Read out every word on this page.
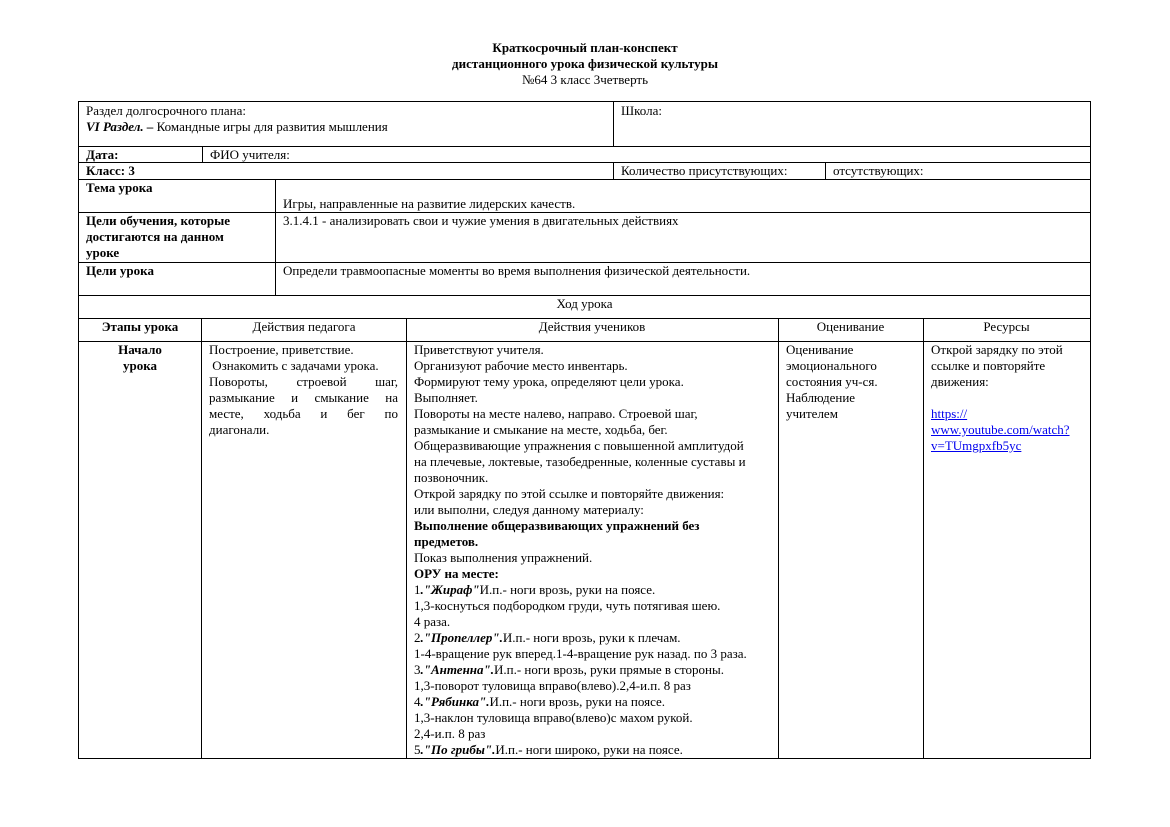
Краткосрочный план-конспект
дистанционного урока физической культуры
№64 3 класс 3четверть
Раздел долгосрочного плана:
VI Раздел. – Командные игры для развития мышления
Школа:
Дата:	ФИО учителя:
Класс: 3	Количество присутствующих:	отсутствующих:
Тема урока
Игры, направленные на развитие лидерских качеств.
Цели обучения, которые
достигаются на данном
уроке
3.1.4.1 - анализировать свои и чужие умения в двигательных действиях
Цели урока	Определи травмоопасные моменты во время выполнения физической деятельности.
Ход урока
Этапы урока	Действия педагога	Действия учеников	Оценивание	Ресурсы
Начало
урока
Построение, приветствие.
Ознакомить с задачами урока.
Повороты, строевой шаг,
размыкание и смыкание на
месте, ходьба и бег по
диагонали.
Приветствуют учителя.
Организуют рабочие место инвентарь.
Формируют тему урока, определяют цели урока.
Выполняет.
Повороты на месте налево, направо. Строевой шаг,
размыкание и смыкание на месте, ходьба, бег.
Общеразвивающие упражнения с повышенной амплитудой
на плечевые, локтевые, тазобедренные, коленные суставы и
позвоночник.
Открой зарядку по этой ссылке и повторяйте движения:
или выполни, следуя данному материалу:
Выполнение общеразвивающих упражнений без
предметов.
Показ выполнения упражнений.
ОРУ на месте:
1."Жираф"И.п.- ноги врозь, руки на поясе.
1,3-коснуться подбородком груди, чуть потягивая шею.
4 раза.
2."Пропеллер".И.п.- ноги врозь, руки к плечам.
1-4-вращение рук вперед.1-4-вращение рук назад. по 3 раза.
3."Антенна".И.п.- ноги врозь, руки прямые в стороны.
1,3-поворот туловища вправо(влево).2,4-и.п. 8 раз
4."Рябинка".И.п.- ноги врозь, руки на поясе.
1,3-наклон туловища вправо(влево)с махом рукой.
2,4-и.п. 8 раз
5."По грибы".И.п.- ноги широко, руки на поясе.
Оценивание
эмоционального
состояния уч-ся.
Наблюдение
учителем
Открой зарядку по этой
ссылке и повторяйте
движения:
https://
www.youtube.com/watch?
v=TUmgpxfb5yc
